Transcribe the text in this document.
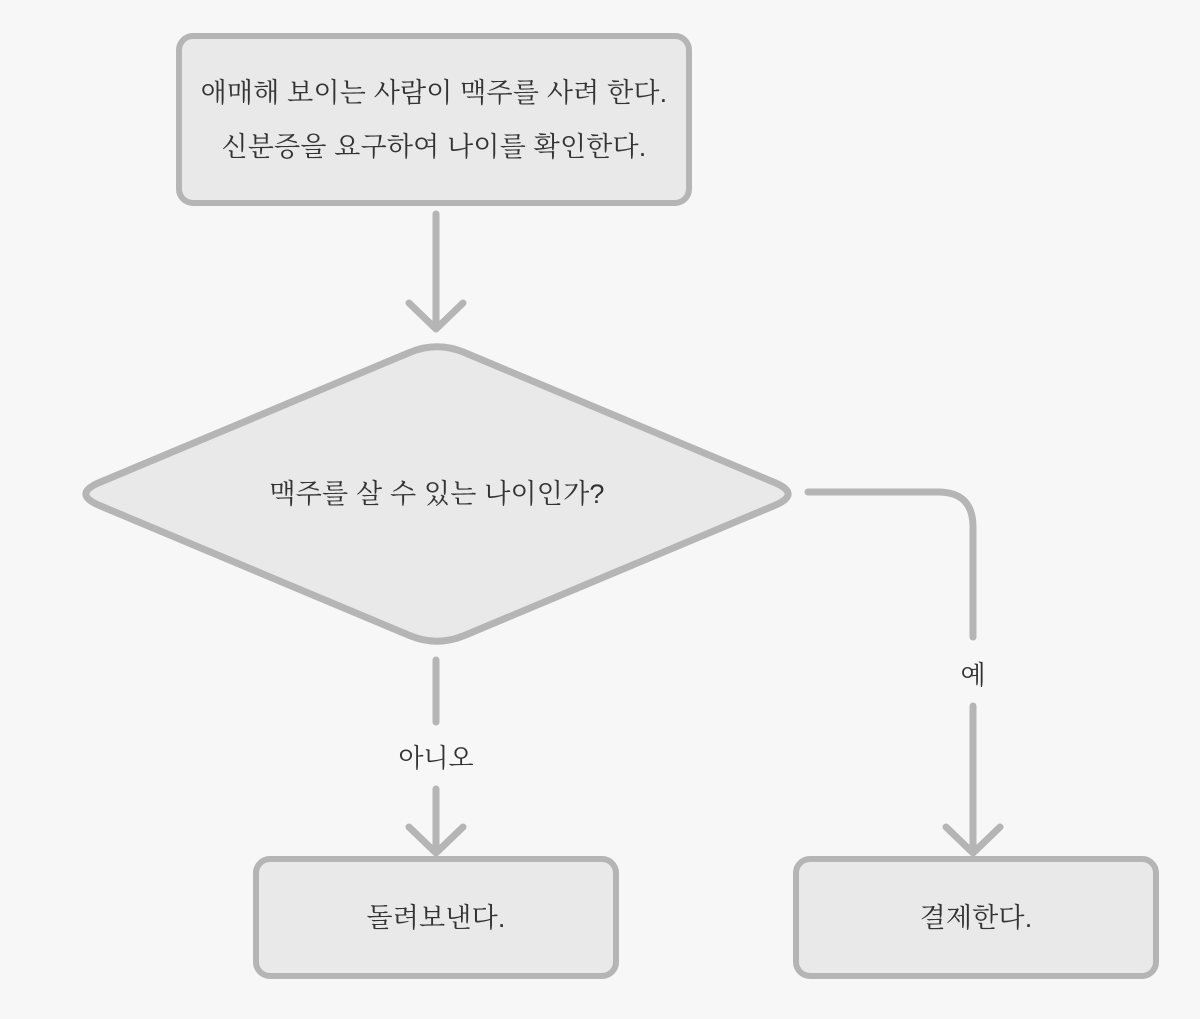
애매해 보이는 사람이 맥주를 사려 한다.
신분증을 요구하여 나이를 확인한다.
맥주를 살 수 있는 나이인가?
아니오
예
돌려보낸다.	결제한다.
